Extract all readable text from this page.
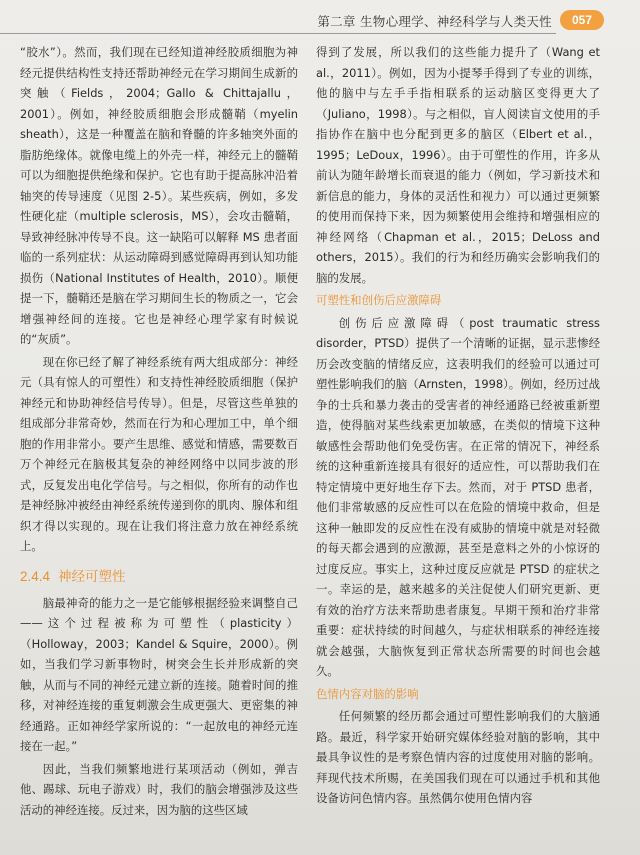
第二章 生物心理学、神经科学与人类天性	057

“胶水”）。然而，我们现在已经知道神经胶质细胞为神经元提供结构性支持还帮助神经元在学习期间生成新的突触（Fields，2004；Gallo & Chittajallu，2001）。例如，神经胶质细胞会形成髓鞘（myelin sheath），这是一种覆盖在脑和脊髓的许多轴突外面的脂肪绝缘体。就像电缆上的外壳一样，神经元上的髓鞘可以为细胞提供绝缘和保护。它也有助于提高脉冲沿着轴突的传导速度（见图 2-5）。某些疾病，例如，多发性硬化症（multiple sclerosis，MS），会攻击髓鞘，导致神经脉冲传导不良。这一缺陷可以解释 MS 患者面临的一系列症状：从运动障碍到感觉障碍再到认知功能损伤（National Institutes of Health，2010）。顺便提一下，髓鞘还是脑在学习期间生长的物质之一，它会增强神经间的连接。它也是神经心理学家有时候说的“灰质”。

现在你已经了解了神经系统有两大组成部分：神经元（具有惊人的可塑性）和支持性神经胶质细胞（保护神经元和协助神经信号传导）。但是，尽管这些单独的组成部分非常奇妙，然而在行为和心理加工中，单个细胞的作用非常小。要产生思维、感觉和情感，需要数百万个神经元在脑极其复杂的神经网络中以同步波的形式，反复发出电化学信号。与之相似，你所有的动作也是神经脉冲被经由神经系统传递到你的肌肉、腺体和组织才得以实现的。现在让我们将注意力放在神经系统上。

2.4.4 神经可塑性

脑最神奇的能力之一是它能够根据经验来调整自己——这个过程被称为可塑性（plasticity）（Holloway，2003；Kandel & Squire，2000）。例如，当我们学习新事物时，树突会生长并形成新的突触，从而与不同的神经元建立新的连接。随着时间的推移，对神经连接的重复刺激会生成更强大、更密集的神经通路。正如神经学家所说的：“一起放电的神经元连接在一起。”

因此，当我们频繁地进行某项活动（例如，弹吉他、踢球、玩电子游戏）时，我们的脑会增强涉及这些活动的神经连接。反过来，因为脑的这些区域

得到了发展，所以我们的这些能力提升了（Wang et al.，2011）。例如，因为小提琴手得到了专业的训练，他的脑中与左手手指相联系的运动脑区变得更大了（Juliano，1998）。与之相似，盲人阅读盲文使用的手指协作在脑中也分配到更多的脑区（Elbert et al.，1995；LeDoux，1996）。由于可塑性的作用，许多从前认为随年龄增长而衰退的能力（例如，学习新技术和新信息的能力，身体的灵活性和视力）可以通过更频繁的使用而保持下来，因为频繁使用会维持和增强相应的神经网络（Chapman et al.，2015；DeLoss and others，2015）。我们的行为和经历确实会影响我们的脑的发展。

可塑性和创伤后应激障碍

创伤后应激障碍（post traumatic stress disorder，PTSD）提供了一个清晰的证据，显示悲惨经历会改变脑的情绪反应，这表明我们的经验可以通过可塑性影响我们的脑（Arnsten，1998）。例如，经历过战争的士兵和暴力袭击的受害者的神经通路已经被重新塑造，使得脑对某些线索更加敏感，在类似的情境下这种敏感性会帮助他们免受伤害。在正常的情况下，神经系统的这种重新连接具有很好的适应性，可以帮助我们在特定情境中更好地生存下去。然而，对于 PTSD 患者，他们非常敏感的反应性可以在危险的情境中救命，但是这种一触即发的反应性在没有威胁的情境中就是对轻微的每天都会遇到的应激源，甚至是意料之外的小惊讶的过度反应。事实上，这种过度反应就是 PTSD 的症状之一。幸运的是，越来越多的关注促使人们研究更新、更有效的治疗方法来帮助患者康复。早期干预和治疗非常重要：症状持续的时间越久，与症状相联系的神经连接就会越强，大脑恢复到正常状态所需要的时间也会越久。

色情内容对脑的影响

任何频繁的经历都会通过可塑性影响我们的大脑通路。最近，科学家开始研究媒体经验对脑的影响，其中最具争议性的是考察色情内容的过度使用对脑的影响。拜现代技术所赐，在美国我们现在可以通过手机和其他设备访问色情内容。虽然偶尔使用色情内容
